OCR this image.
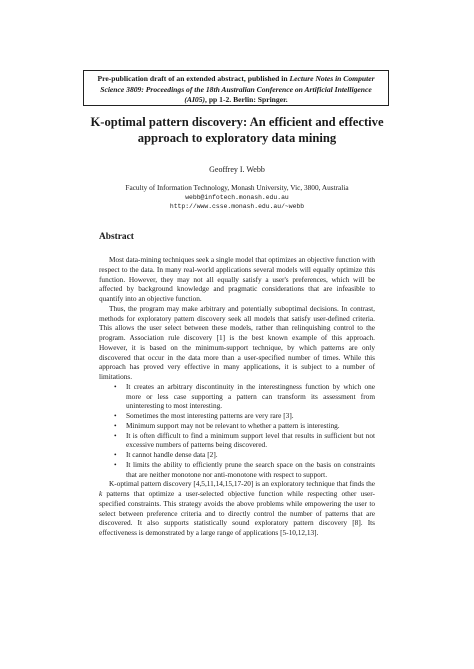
Pre-publication draft of an extended abstract, published in Lecture Notes in Computer Science 3809: Proceedings of the 18th Australian Conference on Artificial Intelligence (AI05), pp 1-2. Berlin: Springer.
K-optimal pattern discovery: An efficient and effective
approach to exploratory data mining
Geoffrey I. Webb
Faculty of Information Technology, Monash University, Vic, 3800, Australia
webb@infotech.monash.edu.au
http://www.csse.monash.edu.au/~webb
Abstract

Most data-mining techniques seek a single model that optimizes an objective function with respect to the data. In many real-world applications several models will equally optimize this function. However, they may not all equally satisfy a user's preferences, which will be affected by background knowledge and pragmatic considerations that are infeasible to quantify into an objective function.

Thus, the program may make arbitrary and potentially suboptimal decisions. In contrast, methods for exploratory pattern discovery seek all models that satisfy user-defined criteria. This allows the user select between these models, rather than relinquishing control to the program. Association rule discovery [1] is the best known example of this approach. However, it is based on the minimum-support technique, by which patterns are only discovered that occur in the data more than a user-specified number of times. While this approach has proved very effective in many applications, it is subject to a number of limitations.

• It creates an arbitrary discontinuity in the interestingness function by which one more or less case supporting a pattern can transform its assessment from uninteresting to most interesting.
• Sometimes the most interesting patterns are very rare [3].
• Minimum support may not be relevant to whether a pattern is interesting.
• It is often difficult to find a minimum support level that results in sufficient but not excessive numbers of patterns being discovered.
• It cannot handle dense data [2].
• It limits the ability to efficiently prune the search space on the basis on constraints that are neither monotone nor anti-monotone with respect to support.

K-optimal pattern discovery [4,5,11,14,15,17-20] is an exploratory technique that finds the k patterns that optimize a user-selected objective function while respecting other user-specified constraints. This strategy avoids the above problems while empowering the user to select between preference criteria and to directly control the number of patterns that are discovered. It also supports statistically sound exploratory pattern discovery [8]. Its effectiveness is demonstrated by a large range of applications [5-10,12,13].
